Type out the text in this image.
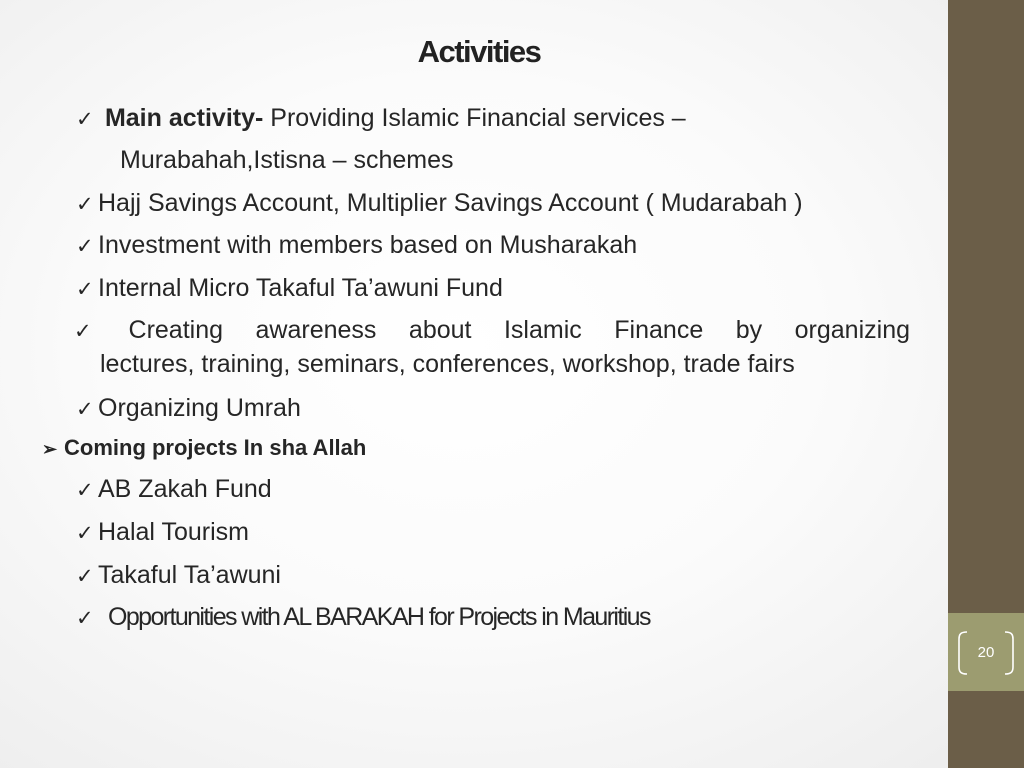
Activities
✓ Main activity- Providing Islamic Financial services –
Murabahah,Istisna – schemes
✓ Hajj Savings Account, Multiplier Savings Account ( Mudarabah )
✓ Investment with members based on Musharakah
✓ Internal Micro Takaful Ta’awuni Fund
✓ Creating awareness about Islamic Finance by organizing
lectures, training, seminars, conferences, workshop, trade fairs
✓ Organizing Umrah
➢ Coming projects In sha Allah
✓ AB Zakah Fund
✓ Halal Tourism
✓ Takaful Ta’awuni
✓ Opportunities with AL BARAKAH for Projects in Mauritius
20
